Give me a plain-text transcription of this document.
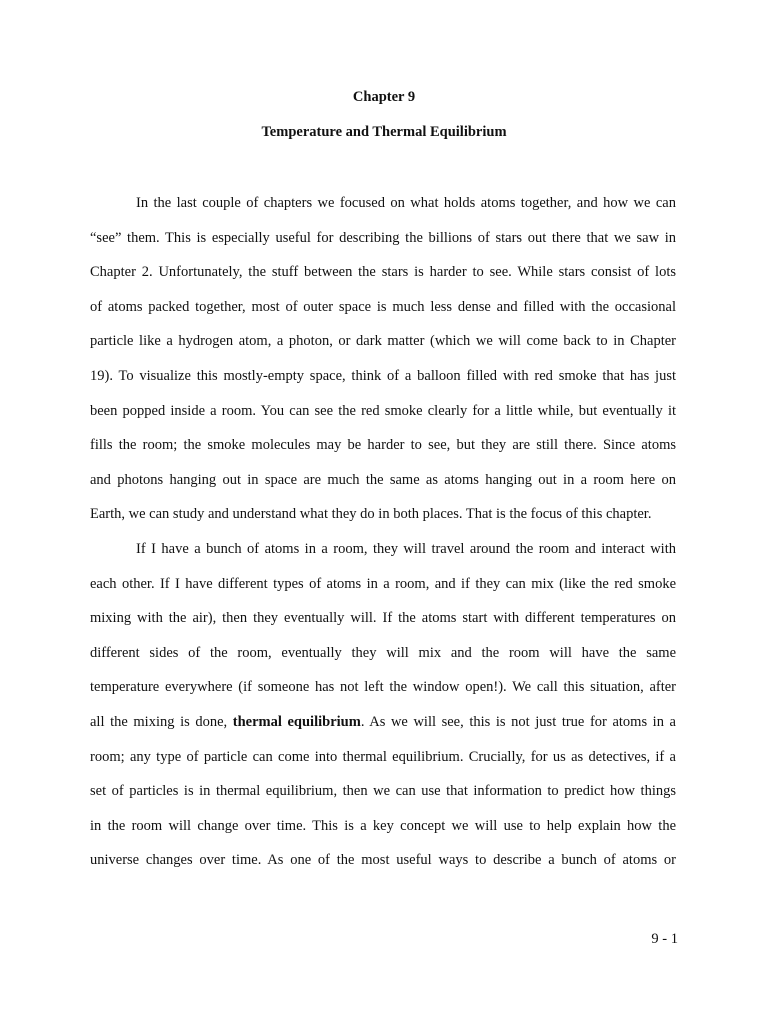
Chapter 9
Temperature and Thermal Equilibrium
In the last couple of chapters we focused on what holds atoms together, and how we can
“see” them. This is especially useful for describing the billions of stars out there that we saw in
Chapter 2. Unfortunately, the stuff between the stars is harder to see. While stars consist of lots
of atoms packed together, most of outer space is much less dense and filled with the occasional
particle like a hydrogen atom, a photon, or dark matter (which we will come back to in Chapter
19). To visualize this mostly-empty space, think of a balloon filled with red smoke that has just
been popped inside a room. You can see the red smoke clearly for a little while, but eventually it
fills the room; the smoke molecules may be harder to see, but they are still there. Since atoms
and photons hanging out in space are much the same as atoms hanging out in a room here on
Earth, we can study and understand what they do in both places. That is the focus of this chapter.
If I have a bunch of atoms in a room, they will travel around the room and interact with
each other. If I have different types of atoms in a room, and if they can mix (like the red smoke
mixing with the air), then they eventually will. If the atoms start with different temperatures on
different sides of the room, eventually they will mix and the room will have the same
temperature everywhere (if someone has not left the window open!). We call this situation, after
all the mixing is done, thermal equilibrium. As we will see, this is not just true for atoms in a
room; any type of particle can come into thermal equilibrium. Crucially, for us as detectives, if a
set of particles is in thermal equilibrium, then we can use that information to predict how things
in the room will change over time. This is a key concept we will use to help explain how the
universe changes over time. As one of the most useful ways to describe a bunch of atoms or
9 - 1
